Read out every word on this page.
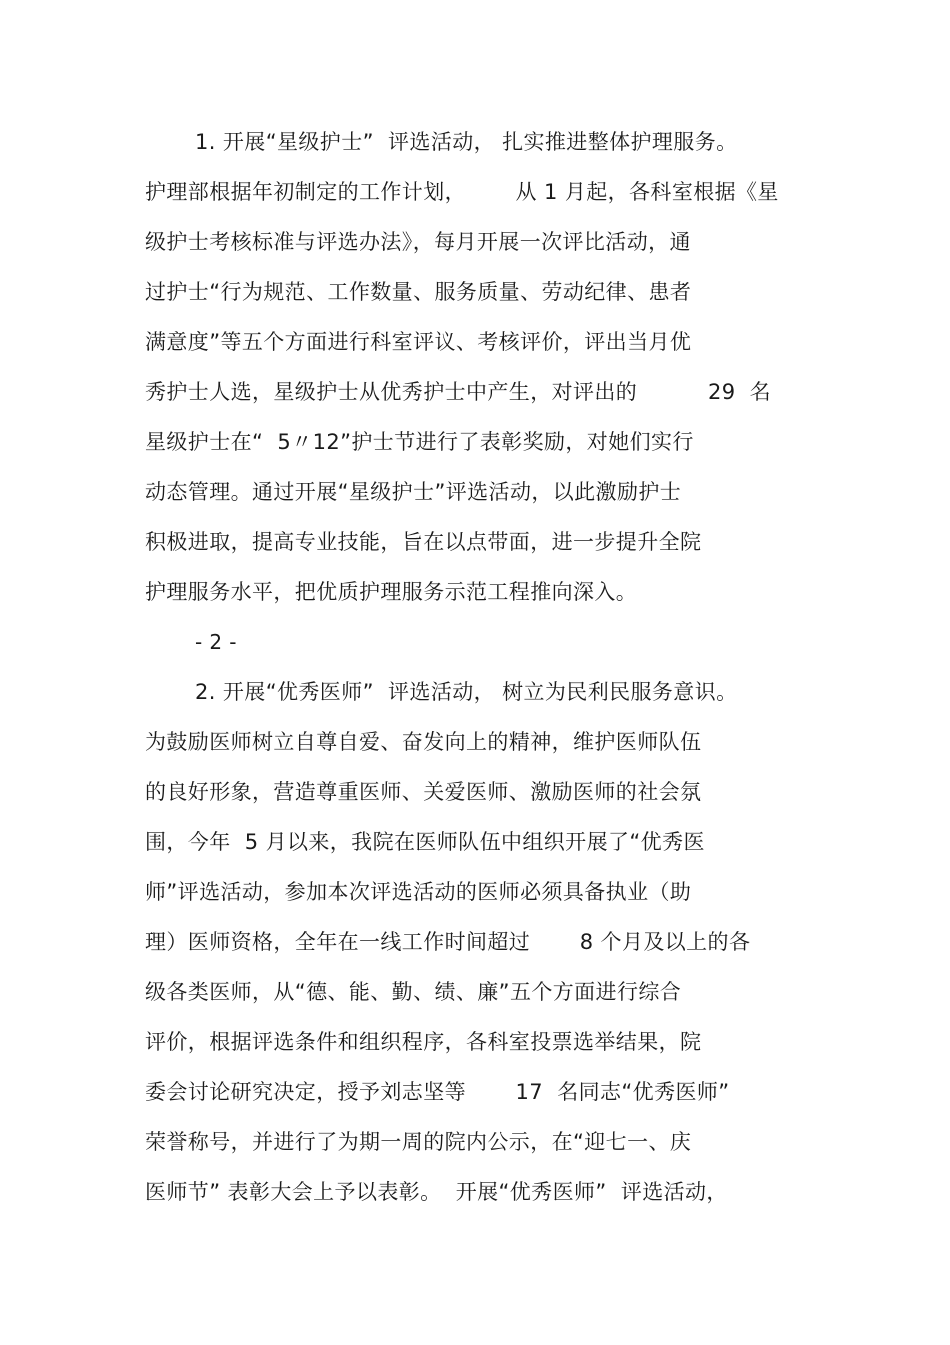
1. 开展“星级护士”  评选活动， 扎实推进整体护理服务。
护理部根据年初制定的工作计划，       从 1 月起，各科室根据《星
级护士考核标准与评选办法》，每月开展一次评比活动，通
过护士“行为规范、工作数量、服务质量、劳动纪律、患者
满意度”等五个方面进行科室评议、考核评价，评出当月优
秀护士人选，星级护士从优秀护士中产生，对评出的          29  名
星级护士在“  5〃12”护士节进行了表彰奖励，对她们实行
动态管理。通过开展“星级护士”评选活动，以此激励护士
积极进取，提高专业技能，旨在以点带面，进一步提升全院
护理服务水平，把优质护理服务示范工程推向深入。
- 2 -
2. 开展“优秀医师”  评选活动， 树立为民利民服务意识。
为鼓励医师树立自尊自爱、奋发向上的精神，维护医师队伍
的良好形象，营造尊重医师、关爱医师、激励医师的社会氛
围，今年  5 月以来，我院在医师队伍中组织开展了“优秀医
师”评选活动，参加本次评选活动的医师必须具备执业（助
理）医师资格，全年在一线工作时间超过       8 个月及以上的各
级各类医师，从“德、能、勤、绩、廉”五个方面进行综合
评价，根据评选条件和组织程序，各科室投票选举结果，院
委会讨论研究决定，授予刘志坚等       17  名同志“优秀医师”
荣誉称号，并进行了为期一周的院内公示，在“迎七一、庆
医师节” 表彰大会上予以表彰。  开展“优秀医师”  评选活动，
